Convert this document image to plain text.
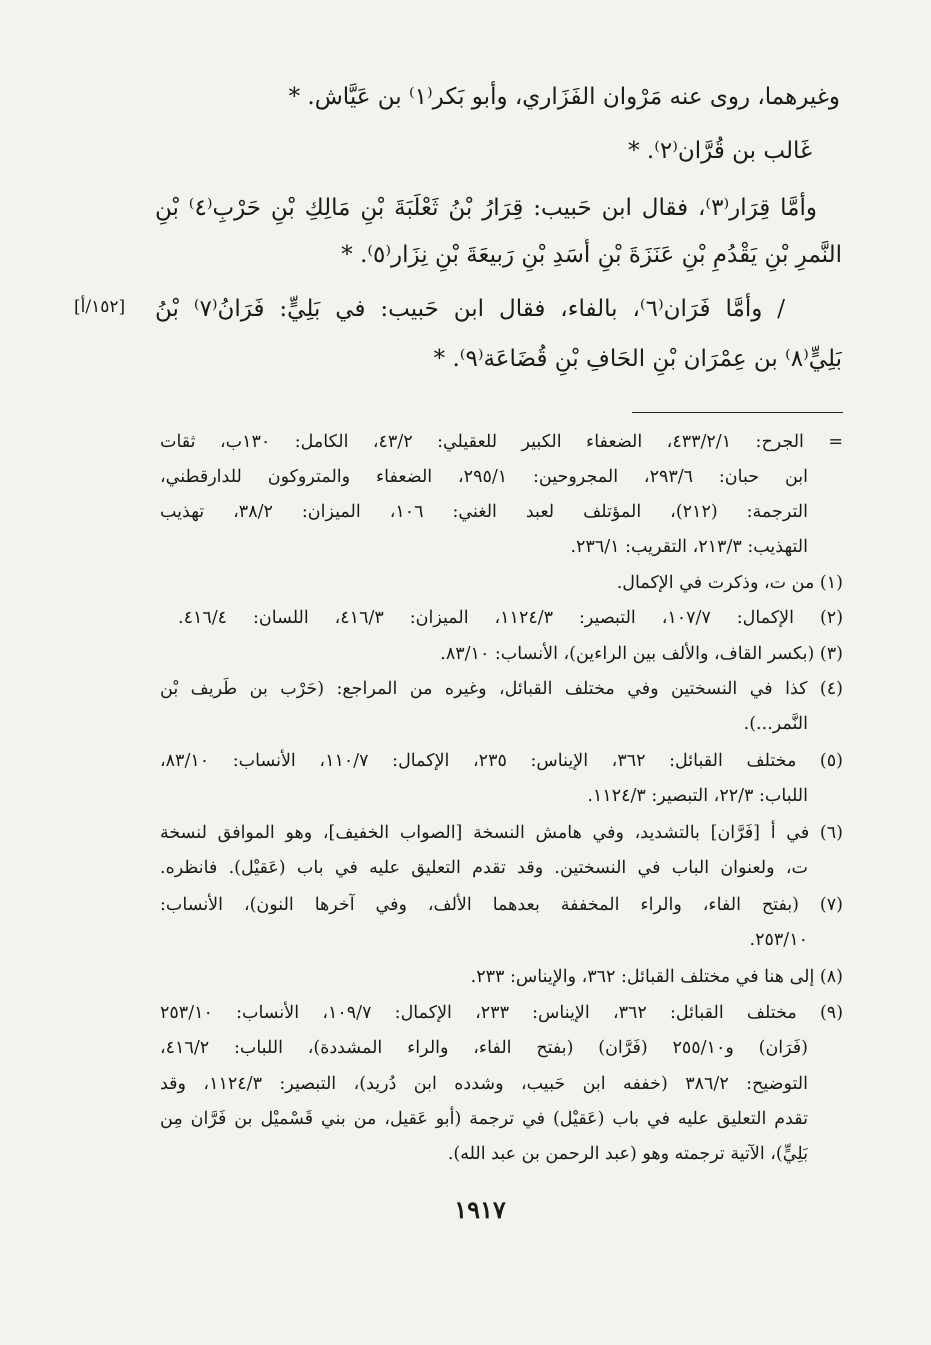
وغيرهما، روى عنه مَرْوان الفَزَاري، وأبو بَكر⁽١⁾ بن عَيَّاش. *
غَالب بن قُرَّان⁽٢⁾. *
وأمَّا قِرَار⁽٣⁾، فقال ابن حَبيب: قِرَارُ بْنُ ثَعْلَبَةَ بْنِ مَالِكِ بْنِ حَرْبِ⁽٤⁾ بْنِ
النَّمرِ بْنِ يَقْدُمِ بْنِ عَنَزَةَ بْنِ أَسَدِ بْنِ رَبيعَةَ بْنِ نِزَار⁽٥⁾. *
/ وأمَّا فَرَان⁽٦⁾، بالفاء، فقال ابن حَبيب: في بَلِيٍّ: فَرَانُ⁽٧⁾ بْنُ
بَلِيٍّ⁽٨⁾ بن عِمْرَان بْنِ الحَافِ بْنِ قُضَاعَة⁽٩⁾. *
[١٥٢/أ]
= الجرح: ٤٣٣/٢/١، الضعفاء الكبير للعقيلي: ٤٣/٢، الكامل: ١٣٠ب، ثقات
ابن حبان: ٢٩٣/٦، المجروحين: ٢٩٥/١، الضعفاء والمتروكون للدارقطني،
الترجمة: (٢١٢)، المؤتلف لعبد الغني: ١٠٦، الميزان: ٣٨/٢، تهذيب
التهذيب: ٢١٣/٣، التقريب: ٢٣٦/١.
(١) من ت، وذكرت في الإكمال.
(٢) الإكمال: ١٠٧/٧، التبصير: ١١٢٤/٣، الميزان: ٤١٦/٣، اللسان: ٤١٦/٤.
(٣) (بكسر القاف، والألف بين الراءين)، الأنساب: ٨٣/١٠.
(٤) كذا في النسختين وفي مختلف القبائل، وغيره من المراجع: (حَرْب بن طَريف بْن
النَّمر...).
(٥) مختلف القبائل: ٣٦٢، الإيناس: ٢٣٥، الإكمال: ١١٠/٧، الأنساب: ٨٣/١٠،
اللباب: ٢٢/٣، التبصير: ١١٢٤/٣.
(٦) في أ [فَرَّان] بالتشديد، وفي هامش النسخة [الصواب الخفيف]، وهو الموافق لنسخة
ت، ولعنوان الباب في النسختين. وقد تقدم التعليق عليه في باب (عَقيْل). فانظره.
(٧) (بفتح الفاء، والراء المخففة بعدهما الألف، وفي آخرها النون)، الأنساب:
٢٥٣/١٠.
(٨) إلى هنا في مختلف القبائل: ٣٦٢، والإيناس: ٢٣٣.
(٩) مختلف القبائل: ٣٦٢، الإيناس: ٢٣٣، الإكمال: ١٠٩/٧، الأنساب: ٢٥٣/١٠
(فَرَان) و٢٥٥/١٠ (فَرَّان) (بفتح الفاء، والراء المشددة)، اللباب: ٤١٦/٢،
التوضيح: ٣٨٦/٢ (خففه ابن حَبيب، وشدده ابن دُريد)، التبصير: ١١٢٤/٣، وقد
تقدم التعليق عليه في باب (عَقيْل) في ترجمة (أبو عَقيل، من بني قَسْميْل بن فَرَّان مِن
بَلِيٍّ)، الآتية ترجمته وهو (عبد الرحمن بن عبد الله).
١٩١٧
